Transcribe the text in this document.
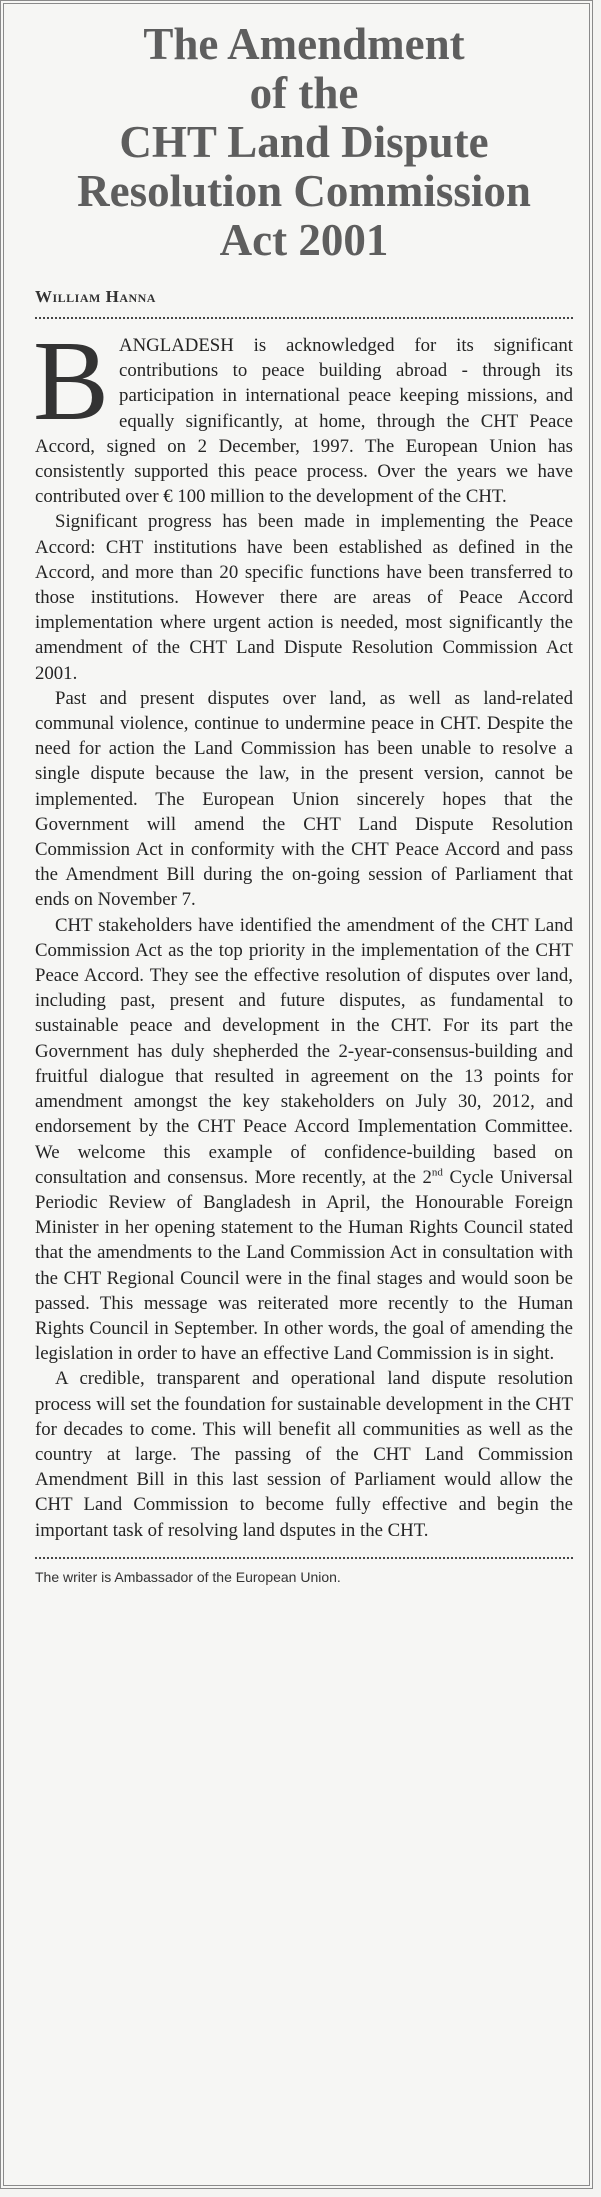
The Amendment
of the
CHT Land Dispute
Resolution Commission
Act 2001
William Hanna

BANGLADESH is acknowledged for its significant contributions to peace building abroad - through its participation in international peace keeping missions, and equally significantly, at home, through the CHT Peace Accord, signed on 2 December, 1997. The European Union has consistently supported this peace process. Over the years we have contributed over € 100 million to the development of the CHT.

Significant progress has been made in implementing the Peace Accord: CHT institutions have been established as defined in the Accord, and more than 20 specific functions have been transferred to those institutions. However there are areas of Peace Accord implementation where urgent action is needed, most significantly the amendment of the CHT Land Dispute Resolution Commission Act 2001.

Past and present disputes over land, as well as land-related communal violence, continue to undermine peace in CHT. Despite the need for action the Land Commission has been unable to resolve a single dispute because the law, in the present version, cannot be implemented. The European Union sincerely hopes that the Government will amend the CHT Land Dispute Resolution Commission Act in conformity with the CHT Peace Accord and pass the Amendment Bill during the on-going session of Parliament that ends on November 7.

CHT stakeholders have identified the amendment of the CHT Land Commission Act as the top priority in the implementation of the CHT Peace Accord. They see the effective resolution of disputes over land, including past, present and future disputes, as fundamental to sustainable peace and development in the CHT. For its part the Government has duly shepherded the 2-year-consensus-building and fruitful dialogue that resulted in agreement on the 13 points for amendment amongst the key stakeholders on July 30, 2012, and endorsement by the CHT Peace Accord Implementation Committee. We welcome this example of confidence-building based on consultation and consensus. More recently, at the 2nd Cycle Universal Periodic Review of Bangladesh in April, the Honourable Foreign Minister in her opening statement to the Human Rights Council stated that the amendments to the Land Commission Act in consultation with the CHT Regional Council were in the final stages and would soon be passed. This message was reiterated more recently to the Human Rights Council in September. In other words, the goal of amending the legislation in order to have an effective Land Commission is in sight.

A credible, transparent and operational land dispute resolution process will set the foundation for sustainable development in the CHT for decades to come. This will benefit all communities as well as the country at large. The passing of the CHT Land Commission Amendment Bill in this last session of Parliament would allow the CHT Land Commission to become fully effective and begin the important task of resolving land dsputes in the CHT.

The writer is Ambassador of the European Union.
